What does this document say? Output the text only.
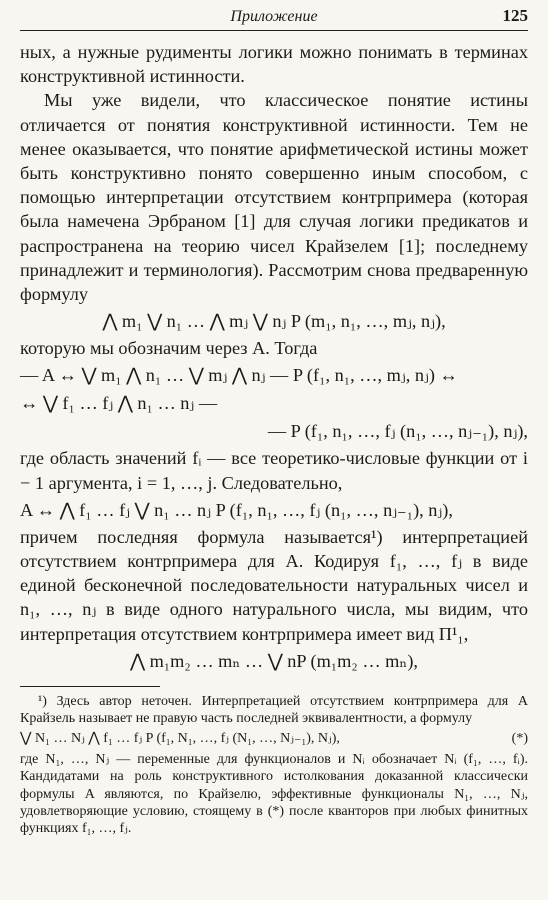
Приложение	125

ных, а нужные рудименты логики можно понимать в терминах конструктивной истинности.

Мы уже видели, что классическое понятие истины отличается от понятия конструктивной истинности. Тем не менее оказывается, что понятие арифметической истины может быть конструктивно понято совершенно иным способом, с помощью интерпретации отсутствием контрпримера (которая была намечена Эрбраном [1] для случая логики предикатов и распространена на теорию чисел Крайзелем [1]; последнему принадлежит и терминология). Рассмотрим снова предваренную формулу

⋀ m₁ ⋁ n₁ … ⋀ mⱼ ⋁ nⱼ P (m₁, n₁, …, mⱼ, nⱼ),

которую мы обозначим через A. Тогда

— A ↔ ⋁ m₁ ⋀ n₁ … ⋁ mⱼ ⋀ nⱼ — P (f₁, n₁, …, mⱼ, nⱼ) ↔
↔ ⋁ f₁ … fⱼ ⋀ n₁ … nⱼ —
— P (f₁, n₁, …, fⱼ (n₁, …, nⱼ₋₁), nⱼ),

где область значений fᵢ — все теоретико-числовые функции от i − 1 аргумента, i = 1, …, j. Следовательно,

A ↔ ⋀ f₁ … fⱼ ⋁ n₁ … nⱼ P (f₁, n₁, …, fⱼ (n₁, …, nⱼ₋₁), nⱼ),

причем последняя формула называется¹) интерпретацией отсутствием контрпримера для A. Кодируя f₁, …, fⱼ в виде единой бесконечной последовательности натуральных чисел и n₁, …, nⱼ в виде одного натурального числа, мы видим, что интерпретация отсутствием контрпримера имеет вид Π¹₁,

⋀ m₁m₂ … mₙ … ⋁ nP (m₁m₂ … mₙ),

¹) Здесь автор неточен. Интерпретацией отсутствием контрпримера для A Крайзель называет не правую часть последней эквивалентности, а формулу

⋁ N₁ … Nⱼ ⋀ f₁ … fⱼ P (f₁, N₁, …, fⱼ (N₁, …, Nⱼ₋₁), Nⱼ),	(*)

где N₁, …, Nⱼ — переменные для функционалов и Nᵢ обозначает Nᵢ (f₁, …, fᵢ). Кандидатами на роль конструктивного истолкования доказанной классически формулы A являются, по Крайзелю, эффективные функционалы N₁, …, Nⱼ, удовлетворяющие условию, стоящему в (*) после кванторов при любых финитных функциях f₁, …, fⱼ.
